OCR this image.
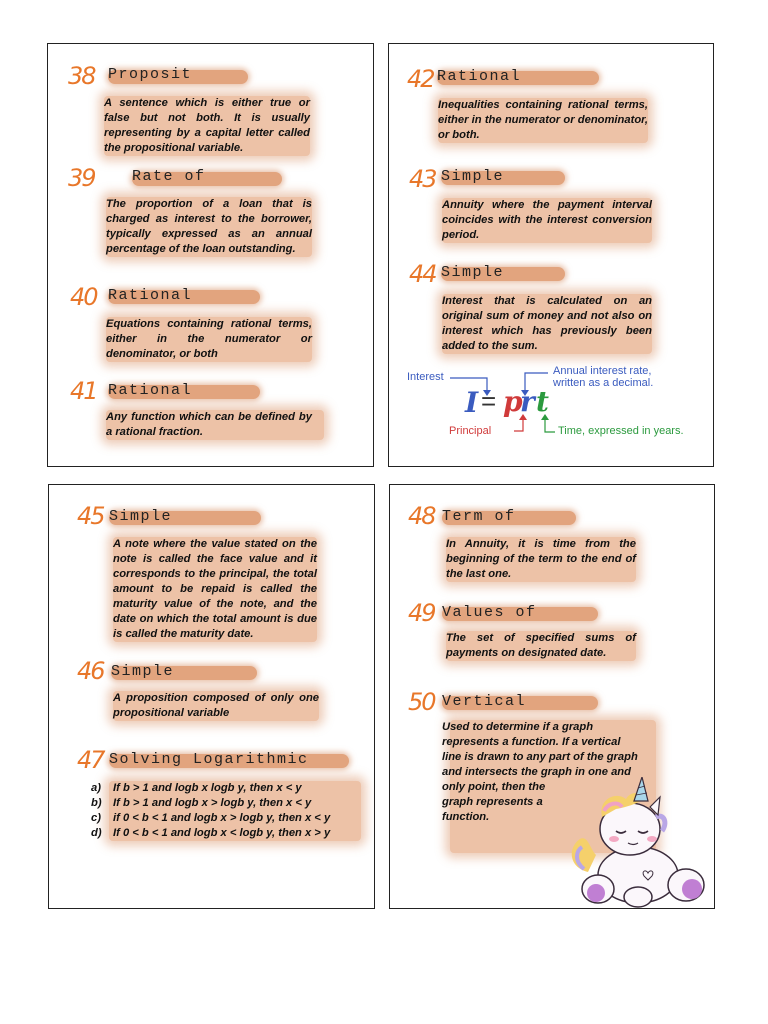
38 Proposit
A sentence which is either true or false but not both. It is usually representing by a capital letter called the propositional variable.
39 Rate of
The proportion of a loan that is charged as interest to the borrower, typically expressed as an annual percentage of the loan outstanding.
40 Rational
Equations containing rational terms, either in the numerator or denominator, or both
41 Rational
Any function which can be defined by a rational fraction.
42 Rational
Inequalities containing rational terms, either in the numerator or denominator, or both.
43 Simple
Annuity where the payment interval coincides with the interest conversion period.
44 Simple
Interest that is calculated on an original sum of money and not also on interest which has previously been added to the sum.
Interest	Annual interest rate,
written as a decimal.
I = p
r t
Principal	Time, expressed in years.
45 Simple
A note where the value stated on the note is called the face value and it corresponds to the principal, the total amount to be repaid is called the maturity value of the note, and the date on which the total amount is due is called the maturity date.
46 Simple
A proposition composed of only one propositional variable
47 Solving Logarithmic
a) If b > 1 and logb x logb y, then x < y
b) If b > 1 and logb x > logb y, then x < y
c) if 0 < b < 1 and logb x > logb y, then x < y
d) If 0 < b < 1 and logb x < logb y, then x > y
48 Term of
In Annuity, it is time from the beginning of the term to the end of the last one.
49 Values of
The set of specified sums of payments on designated date.
50 Vertical
Used to determine if a graph
represents a function. If a vertical
line is drawn to any part of the graph
and intersects the graph in one and
only point, then the
graph represents a
function.
